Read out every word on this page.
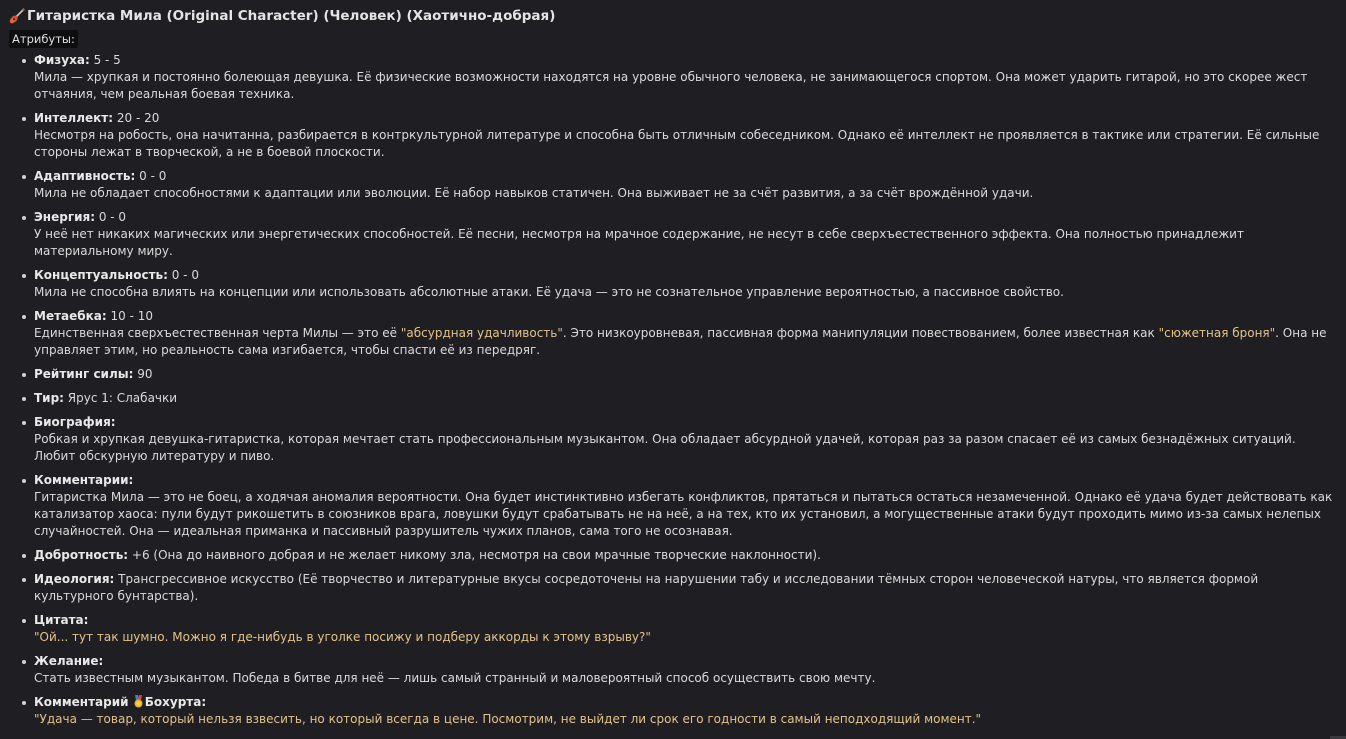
Гитаристка Мила (Original Character) (Человек) (Хаотично-добрая)
Атрибуты:
Физуха: 5 - 5
Мила — хрупкая и постоянно болеющая девушка. Её физические возможности находятся на уровне обычного человека, не занимающегося спортом. Она может ударить гитарой, но это скорее жест отчаяния, чем реальная боевая техника.
Интеллект: 20 - 20
Несмотря на робость, она начитанна, разбирается в контркультурной литературе и способна быть отличным собеседником. Однако её интеллект не проявляется в тактике или стратегии. Её сильные стороны лежат в творческой, а не в боевой плоскости.
Адаптивность: 0 - 0
Мила не обладает способностями к адаптации или эволюции. Её набор навыков статичен. Она выживает не за счёт развития, а за счёт врождённой удачи.
Энергия: 0 - 0
У неё нет никаких магических или энергетических способностей. Её песни, несмотря на мрачное содержание, не несут в себе сверхъестественного эффекта. Она полностью принадлежит материальному миру.
Концептуальность: 0 - 0
Мила не способна влиять на концепции или использовать абсолютные атаки. Её удача — это не сознательное управление вероятностью, а пассивное свойство.
Метаебка: 10 - 10
Единственная сверхъестественная черта Милы — это её "абсурдная удачливость". Это низкоуровневая, пассивная форма манипуляции повествованием, более известная как "сюжетная броня". Она не управляет этим, но реальность сама изгибается, чтобы спасти её из передряг.
Рейтинг силы: 90
Тир: Ярус 1: Слабачки
Биография:
Робкая и хрупкая девушка-гитаристка, которая мечтает стать профессиональным музыкантом. Она обладает абсурдной удачей, которая раз за разом спасает её из самых безнадёжных ситуаций. Любит обскурную литературу и пиво.
Комментарии:
Гитаристка Мила — это не боец, а ходячая аномалия вероятности. Она будет инстинктивно избегать конфликтов, прятаться и пытаться остаться незамеченной. Однако её удача будет действовать как катализатор хаоса: пули будут рикошетить в союзников врага, ловушки будут срабатывать не на неё, а на тех, кто их установил, а могущественные атаки будут проходить мимо из-за самых нелепых случайностей. Она — идеальная приманка и пассивный разрушитель чужих планов, сама того не осознавая.
Добротность: +6 (Она до наивного добрая и не желает никому зла, несмотря на свои мрачные творческие наклонности).
Идеология: Трансгрессивное искусство (Её творчество и литературные вкусы сосредоточены на нарушении табу и исследовании тёмных сторон человеческой натуры, что является формой культурного бунтарства).
Цитата:
"Ой... тут так шумно. Можно я где-нибудь в уголке посижу и подберу аккорды к этому взрыву?"
Желание:
Стать известным музыкантом. Победа в битве для неё — лишь самый странный и маловероятный способ осуществить свою мечту.
Комментарий Бохурта:
"Удача — товар, который нельзя взвесить, но который всегда в цене. Посмотрим, не выйдет ли срок его годности в самый неподходящий момент."
